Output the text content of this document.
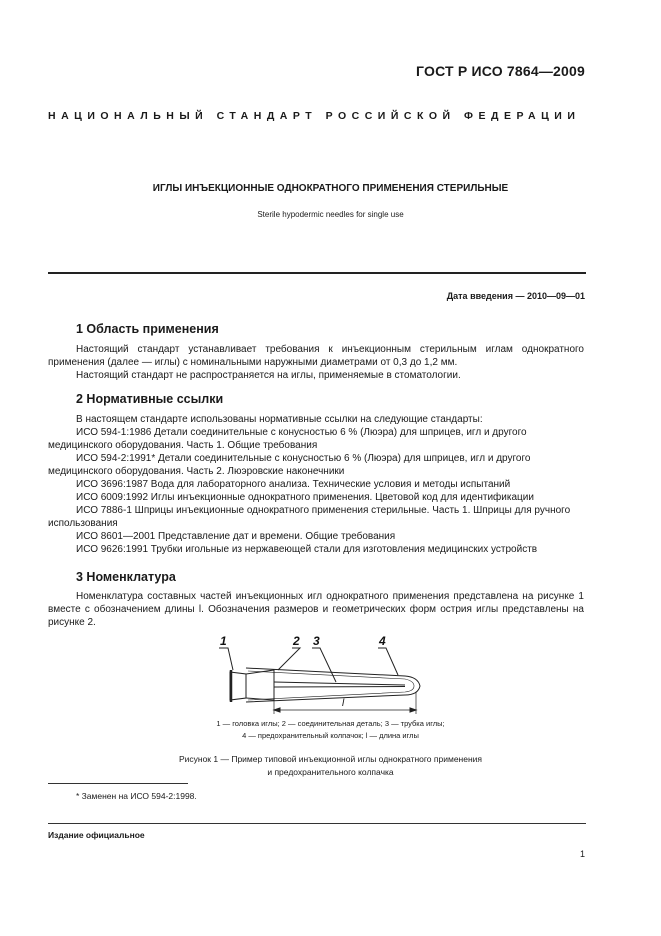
ГОСТ Р ИСО 7864—2009
НАЦИОНАЛЬНЫЙ СТАНДАРТ РОССИЙСКОЙ ФЕДЕРАЦИИ
ИГЛЫ ИНЪЕКЦИОННЫЕ ОДНОКРАТНОГО ПРИМЕНЕНИЯ СТЕРИЛЬНЫЕ
Sterile hypodermic needles for single use
Дата введения — 2010—09—01
1 Область применения

Настоящий стандарт устанавливает требования к инъекционным стерильным иглам однократного применения (далее — иглы) с номинальными наружными диаметрами от 0,3 до 1,2 мм.

Настоящий стандарт не распространяется на иглы, применяемые в стоматологии.

2 Нормативные ссылки

В настоящем стандарте использованы нормативные ссылки на следующие стандарты:

ИСО 594-1:1986 Детали соединительные с конусностью 6 % (Люэра) для шприцев, игл и другого медицинского оборудования. Часть 1. Общие требования

ИСО 594-2:1991* Детали соединительные с конусностью 6 % (Люэра) для шприцев, игл и другого медицинского оборудования. Часть 2. Люэровские наконечники

ИСО 3696:1987 Вода для лабораторного анализа. Технические условия и методы испытаний

ИСО 6009:1992 Иглы инъекционные однократного применения. Цветовой код для идентификации

ИСО 7886-1 Шприцы инъекционные однократного применения стерильные. Часть 1. Шприцы для ручного использования

ИСО 8601—2001 Представление дат и времени. Общие требования

ИСО 9626:1991 Трубки игольные из нержавеющей стали для изготовления медицинских устройств

3 Номенклатура

Номенклатура составных частей инъекционных игл однократного применения представлена на рисунке 1 вместе с обозначением длины l. Обозначения размеров и геометрических форм острия иглы представлены на рисунке 2.

1	2 3	4
l
1 — головка иглы; 2 — соединительная деталь; 3 — трубка иглы;
4 — предохранительный колпачок; l — длина иглы
Рисунок 1 — Пример типовой инъекционной иглы однократного применения
и предохранительного колпачка
* Заменен на ИСО 594-2:1998.
Издание официальное
1
